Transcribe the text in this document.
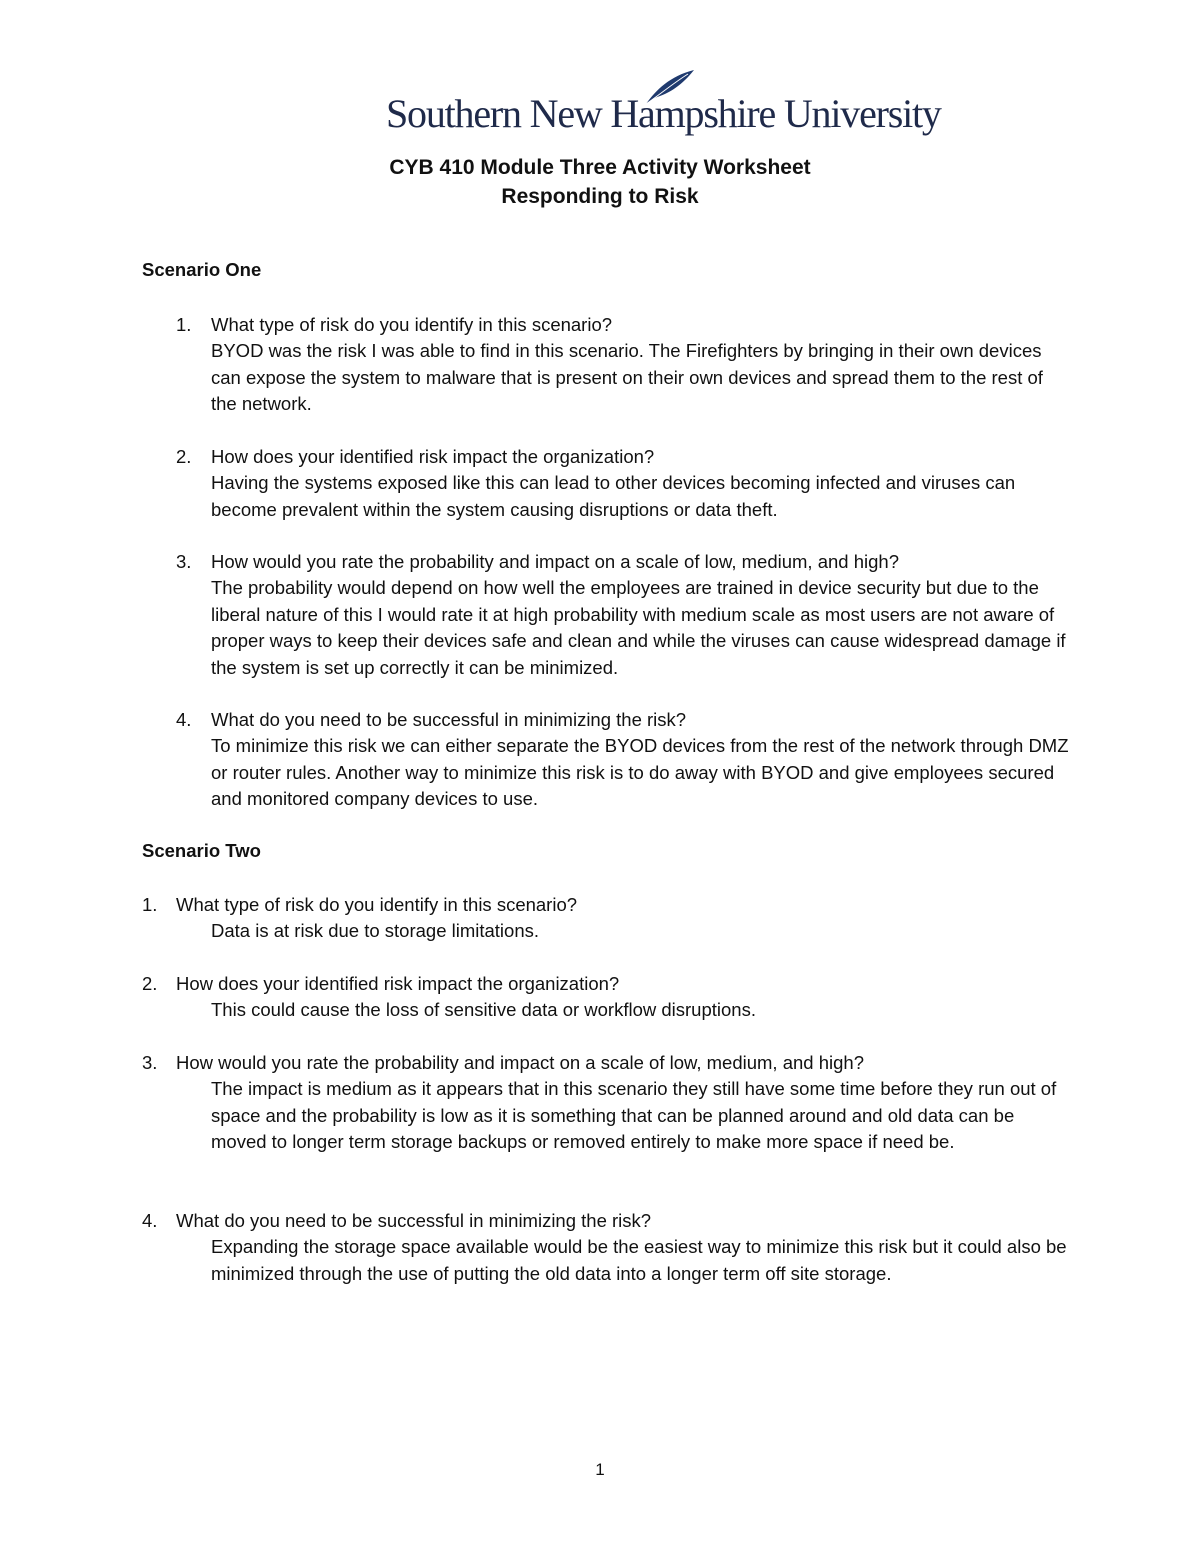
Southern New Hampshire University
CYB 410 Module Three Activity Worksheet
Responding to Risk
Scenario One
1. What type of risk do you identify in this scenario?
BYOD was the risk I was able to find in this scenario. The Firefighters by bringing in their own devices can expose the system to malware that is present on their own devices and spread them to the rest of the network.
2. How does your identified risk impact the organization?
Having the systems exposed like this can lead to other devices becoming infected and viruses can become prevalent within the system causing disruptions or data theft.
3. How would you rate the probability and impact on a scale of low, medium, and high?
The probability would depend on how well the employees are trained in device security but due to the liberal nature of this I would rate it at high probability with medium scale as most users are not aware of proper ways to keep their devices safe and clean and while the viruses can cause widespread damage if the system is set up correctly it can be minimized.
4. What do you need to be successful in minimizing the risk?
To minimize this risk we can either separate the BYOD devices from the rest of the network through DMZ or router rules. Another way to minimize this risk is to do away with BYOD and give employees secured and monitored company devices to use.
Scenario Two
1. What type of risk do you identify in this scenario?
Data is at risk due to storage limitations.
2. How does your identified risk impact the organization?
This could cause the loss of sensitive data or workflow disruptions.
3. How would you rate the probability and impact on a scale of low, medium, and high?
The impact is medium as it appears that in this scenario they still have some time before they run out of space and the probability is low as it is something that can be planned around and old data can be moved to longer term storage backups or removed entirely to make more space if need be.
4. What do you need to be successful in minimizing the risk?
Expanding the storage space available would be the easiest way to minimize this risk but it could also be minimized through the use of putting the old data into a longer term off site storage.
1
